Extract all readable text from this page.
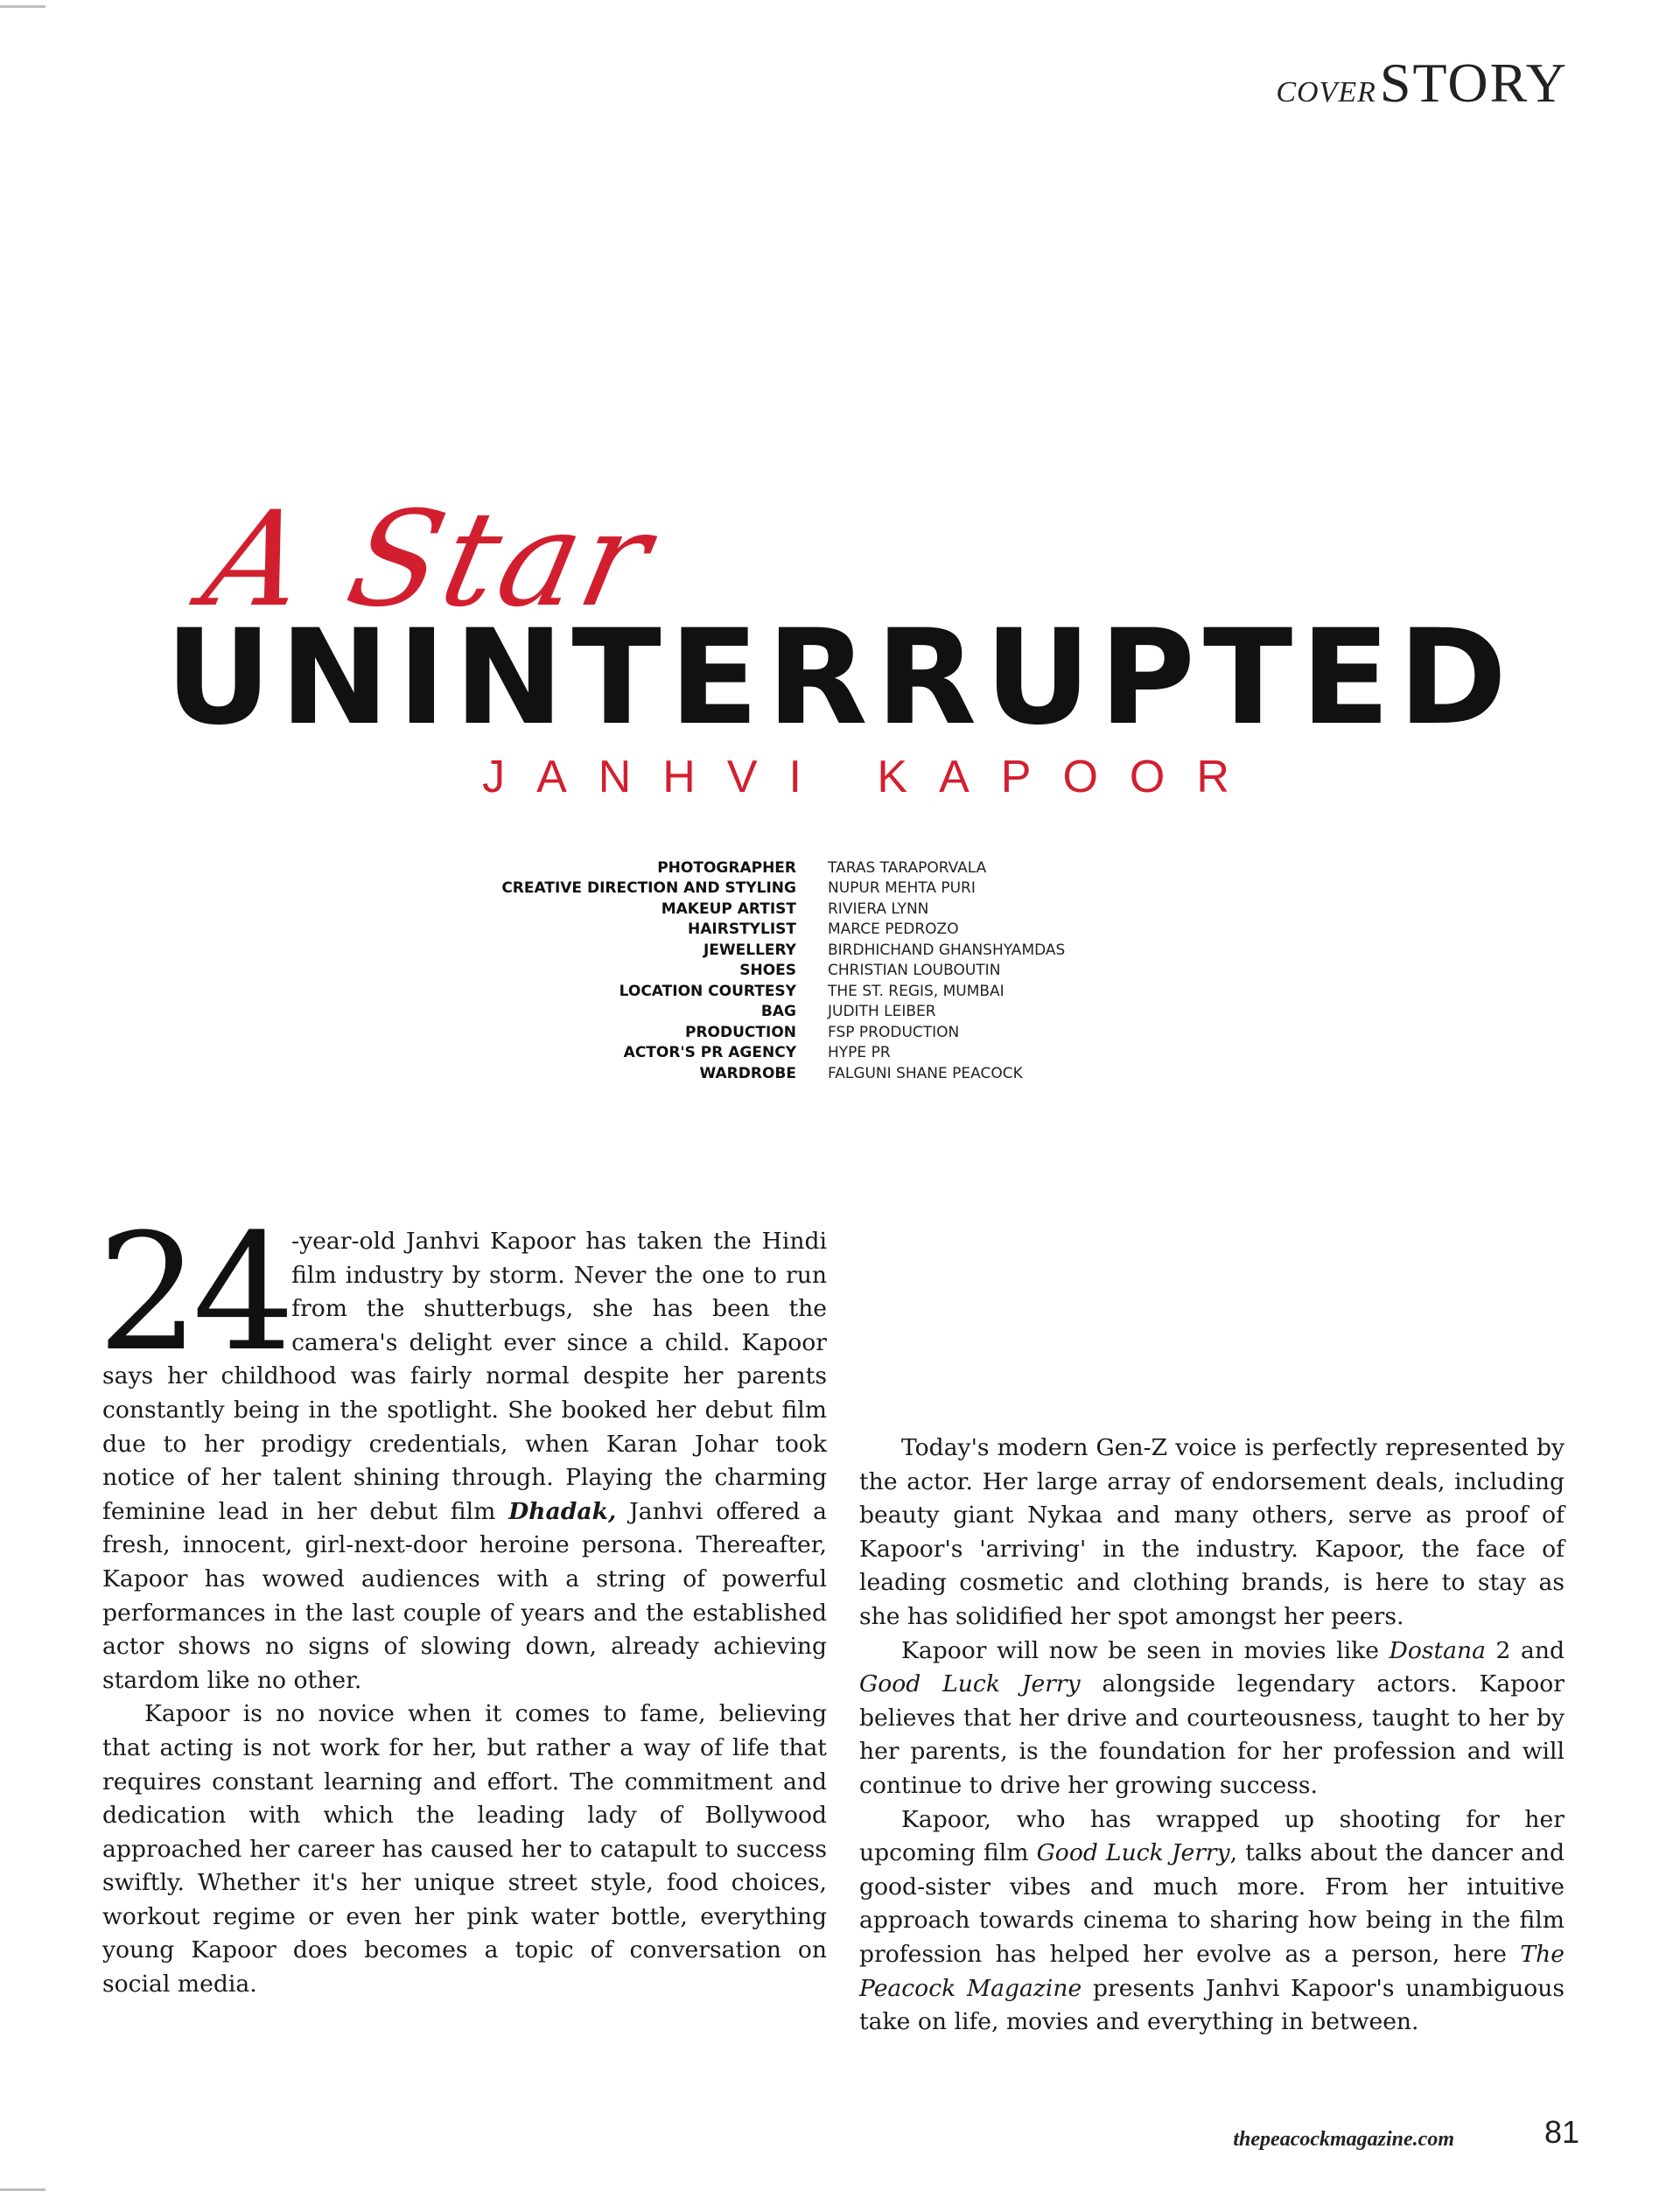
COVERSTORY
A Star
UNINTERRUPTED
JANHVI KAPOOR
PHOTOGRAPHER	TARAS TARAPORVALA
CREATIVE DIRECTION AND STYLING	NUPUR MEHTA PURI
MAKEUP ARTIST	RIVIERA LYNN
HAIRSTYLIST	MARCE PEDROZO
JEWELLERY	BIRDHICHAND GHANSHYAMDAS
SHOES	CHRISTIAN LOUBOUTIN
LOCATION COURTESY	THE ST. REGIS, MUMBAI
BAG	JUDITH LEIBER
PRODUCTION	FSP PRODUCTION
ACTOR'S PR AGENCY	HYPE PR
WARDROBE	FALGUNI SHANE PEACOCK

24 -year-old Janhvi Kapoor has taken the Hindi film industry by storm. Never the one to run from the shutterbugs, she has been the camera's delight ever since a child. Kapoor says her childhood was fairly normal despite her parents constantly being in the spotlight. She booked her debut film due to her prodigy credentials, when Karan Johar took notice of her talent shining through. Playing the charming feminine lead in her debut film Dhadak, Janhvi offered a fresh, innocent, girl-next-door heroine persona. Thereafter, Kapoor has wowed audiences with a string of powerful performances in the last couple of years and the established actor shows no signs of slowing down, already achieving stardom like no other.

Kapoor is no novice when it comes to fame, believing that acting is not work for her, but rather a way of life that requires constant learning and effort. The commitment and dedication with which the leading lady of Bollywood approached her career has caused her to catapult to success swiftly. Whether it's her unique street style, food choices, workout regime or even her pink water bottle, everything young Kapoor does becomes a topic of conversation on social media.

Today's modern Gen-Z voice is perfectly represented by the actor. Her large array of endorsement deals, including beauty giant Nykaa and many others, serve as proof of Kapoor's 'arriving' in the industry. Kapoor, the face of leading cosmetic and clothing brands, is here to stay as she has solidified her spot amongst her peers.

Kapoor will now be seen in movies like Dostana 2 and Good Luck Jerry alongside legendary actors. Kapoor believes that her drive and courteousness, taught to her by her parents, is the foundation for her profession and will continue to drive her growing success.

Kapoor, who has wrapped up shooting for her upcoming film Good Luck Jerry, talks about the dancer and good-sister vibes and much more. From her intuitive approach towards cinema to sharing how being in the film profession has helped her evolve as a person, here The Peacock Magazine presents Janhvi Kapoor's unambiguous take on life, movies and everything in between.

thepeacockmagazine.com	81
